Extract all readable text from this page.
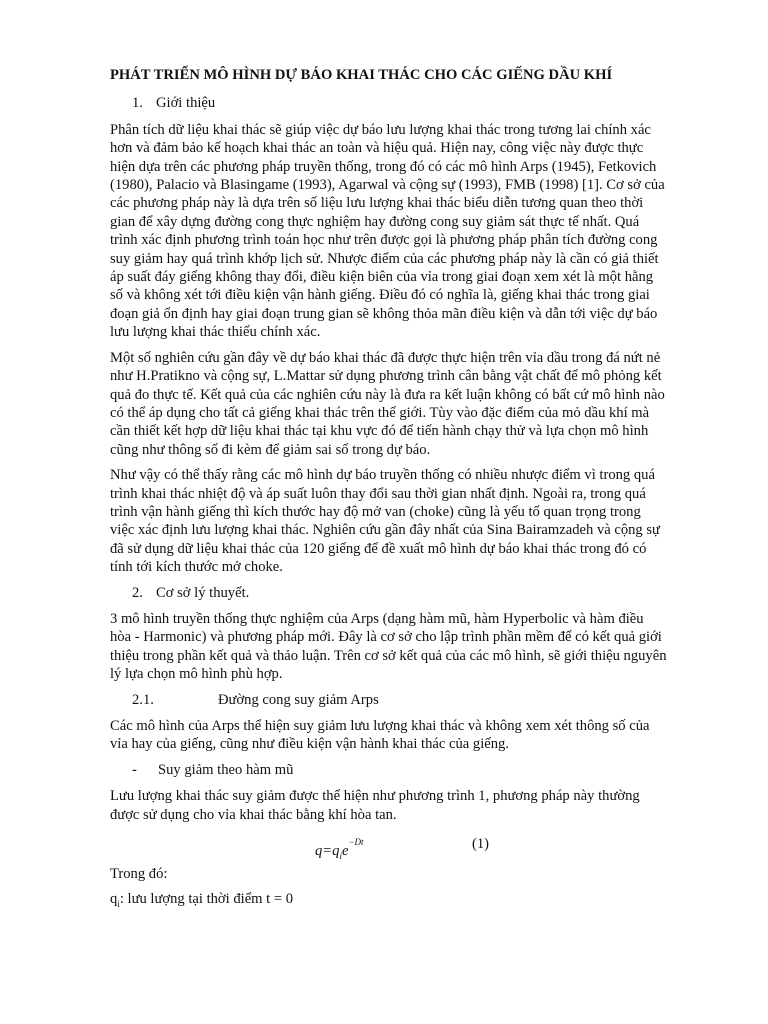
PHÁT TRIỂN MÔ HÌNH DỰ BÁO KHAI THÁC CHO CÁC GIẾNG DẦU KHÍ
1. Giới thiệu

Phân tích dữ liệu khai thác sẽ giúp việc dự báo lưu lượng khai thác trong tương lai chính xác hơn và đảm bảo kế hoạch khai thác an toàn và hiệu quả. Hiện nay, công việc này được thực hiện dựa trên các phương pháp truyền thống, trong đó có các mô hình Arps (1945), Fetkovich (1980), Palacio và Blasingame (1993), Agarwal và cộng sự (1993), FMB (1998) [1]. Cơ sở của các phương pháp này là dựa trên số liệu lưu lượng khai thác biểu diễn tương quan theo thời gian để xây dựng đường cong thực nghiệm hay đường cong suy giảm sát thực tế nhất. Quá trình xác định phương trình toán học như trên được gọi là phương pháp phân tích đường cong suy giảm hay quá trình khớp lịch sử. Nhược điểm của các phương pháp này là cần có giả thiết áp suất đáy giếng không thay đổi, điều kiện biên của vỉa trong giai đoạn xem xét là một hằng số và không xét tới điều kiện vận hành giếng. Điều đó có nghĩa là, giếng khai thác trong giai đoạn giả ổn định hay giai đoạn trung gian sẽ không thỏa mãn điều kiện và dẫn tới việc dự báo lưu lượng khai thác thiếu chính xác.

Một số nghiên cứu gần đây về dự báo khai thác đã được thực hiện trên vỉa dầu trong đá nứt nẻ như H.Pratikno và cộng sự, L.Mattar sử dụng phương trình cân bằng vật chất để mô phỏng kết quả đo thực tế. Kết quả của các nghiên cứu này là đưa ra kết luận không có bất cứ mô hình nào có thể áp dụng cho tất cả giếng khai thác trên thế giới. Tùy vào đặc điểm của mỏ dầu khí mà cần thiết kết hợp dữ liệu khai thác tại khu vực đó để tiến hành chạy thử và lựa chọn mô hình cũng như thông số đi kèm để giảm sai số trong dự báo.

Như vậy có thể thấy rằng các mô hình dự báo truyền thống có nhiều nhược điểm vì trong quá trình khai thác nhiệt độ và áp suất luôn thay đổi sau thời gian nhất định. Ngoài ra, trong quá trình vận hành giếng thì kích thước hay độ mở van (choke) cũng là yếu tố quan trọng trong việc xác định lưu lượng khai thác. Nghiên cứu gần đây nhất của Sina Bairamzadeh và cộng sự đã sử dụng dữ liệu khai thác của 120 giếng để đề xuất mô hình dự báo khai thác trong đó có tính tới kích thước mở choke.

2. Cơ sở lý thuyết.

3 mô hình truyền thống thực nghiệm của Arps (dạng hàm mũ, hàm Hyperbolic và hàm điều hòa - Harmonic) và phương pháp mới. Đây là cơ sở cho lập trình phần mềm để có kết quả giới thiệu trong phần kết quả và thảo luận. Trên cơ sở kết quả của các mô hình, sẽ giới thiệu nguyên lý lựa chọn mô hình phù hợp.

2.1.	Đường cong suy giảm Arps

Các mô hình của Arps thể hiện suy giảm lưu lượng khai thác và không xem xét thông số của vỉa hay của giếng, cũng như điều kiện vận hành khai thác của giếng.

-	Suy giảm theo hàm mũ

Lưu lượng khai thác suy giảm được thể hiện như phương trình 1, phương pháp này thường được sử dụng cho vỉa khai thác bằng khí hòa tan.

$q=q_ie^{-Dt}$	(1)

Trong đó:

$q_i$: lưu lượng tại thời điểm t = 0
